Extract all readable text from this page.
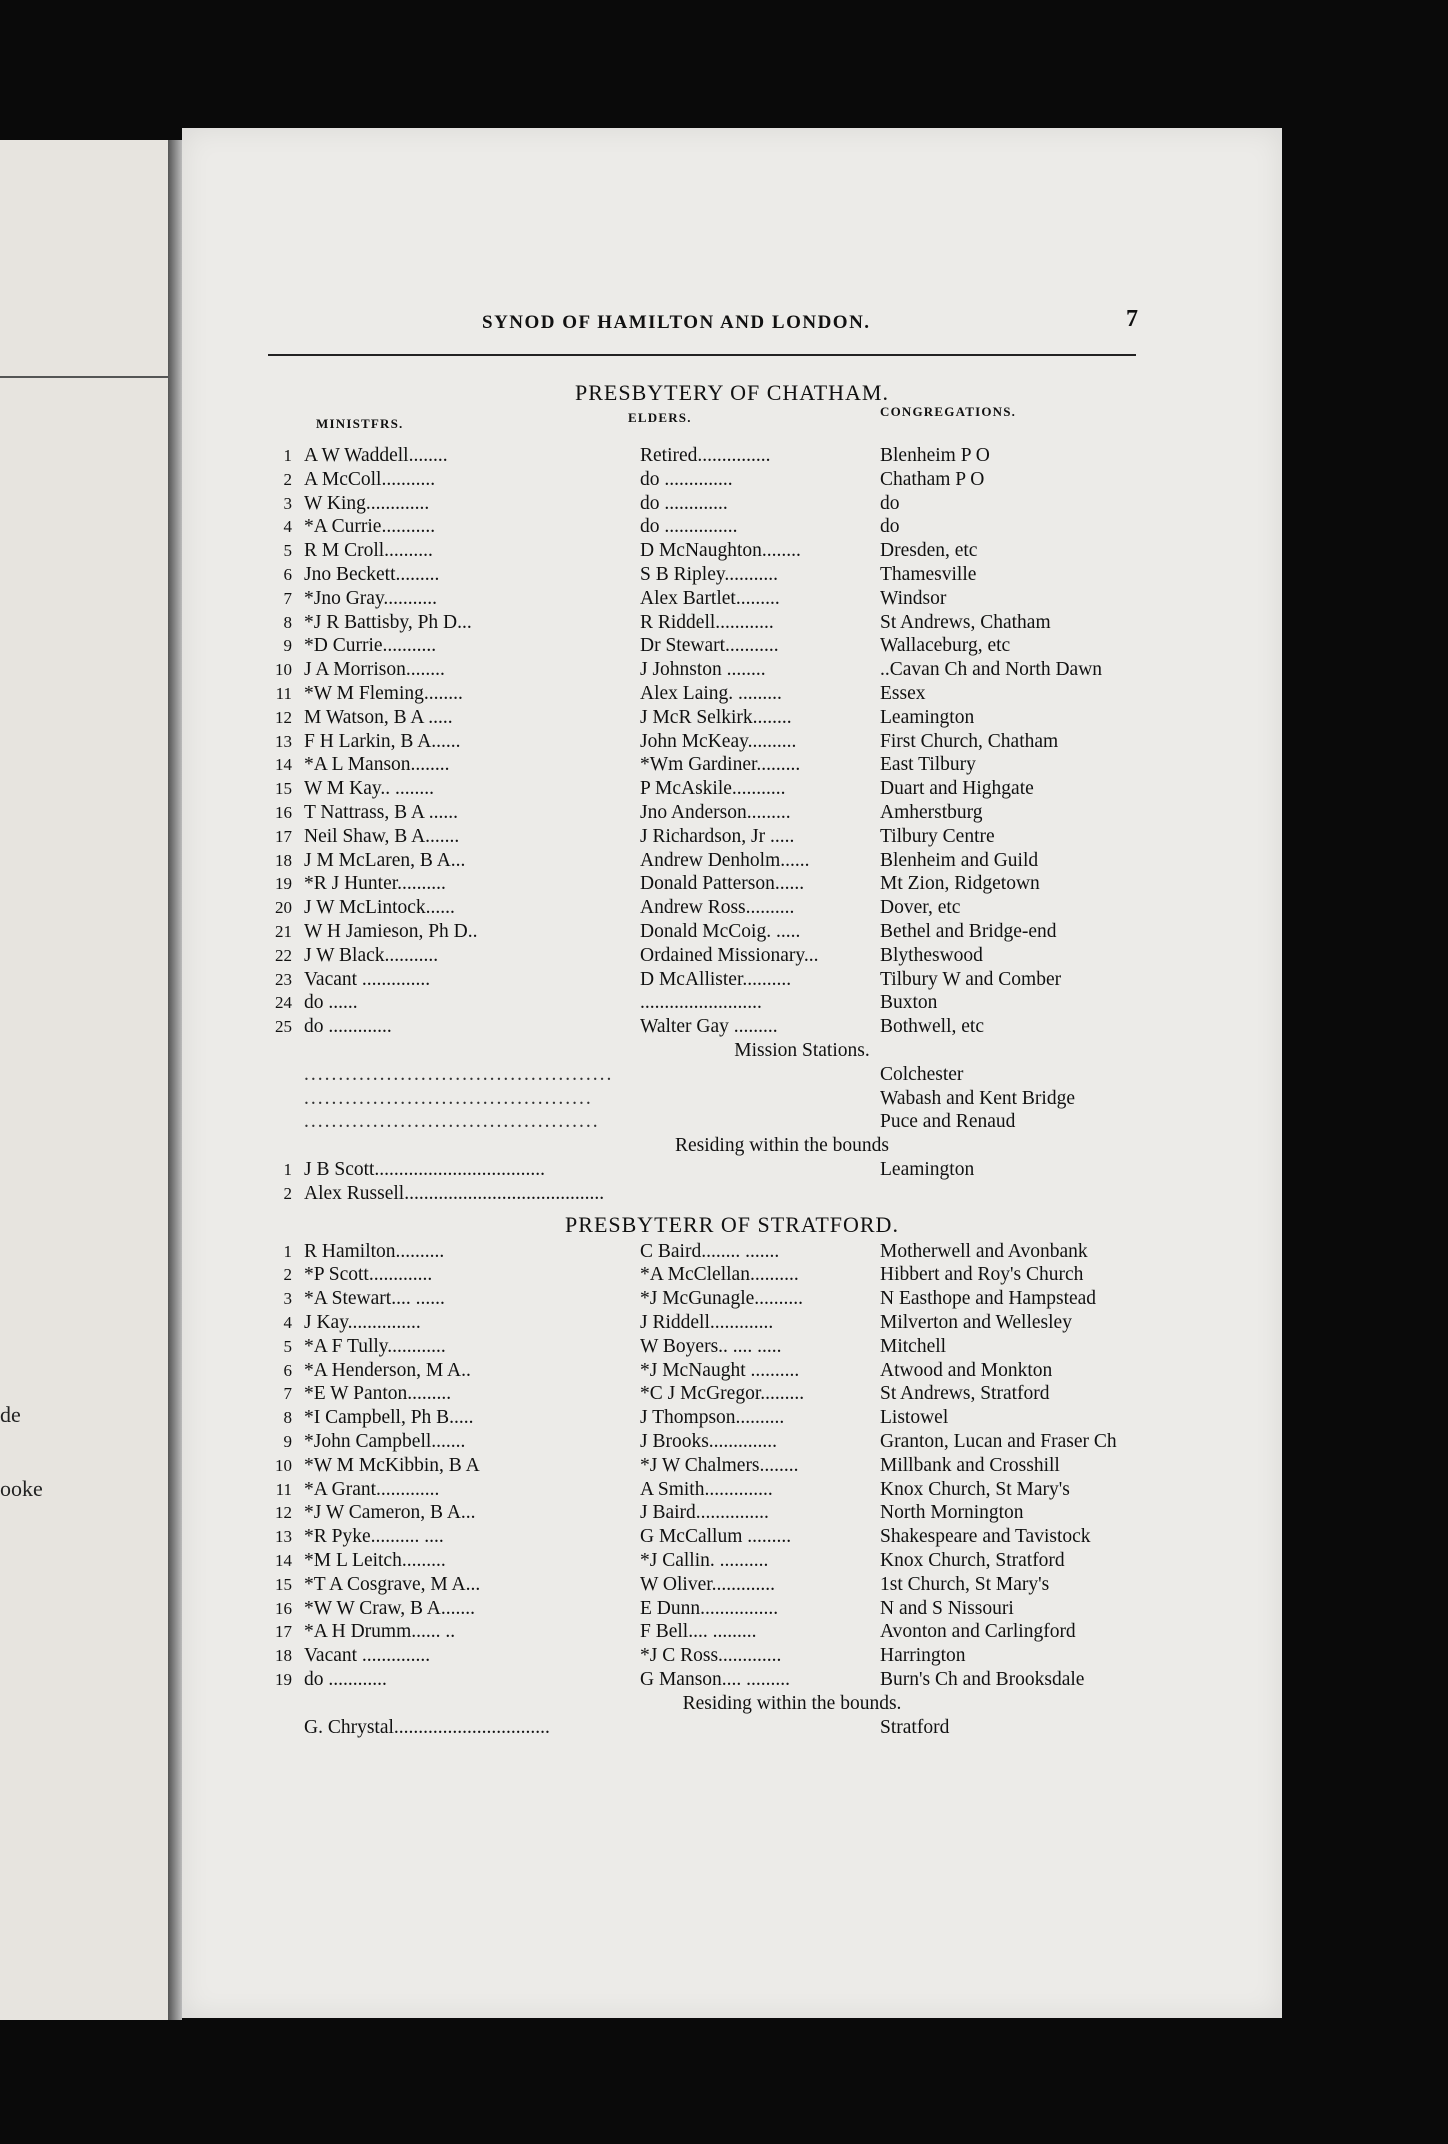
de
ooke
SYNOD OF HAMILTON AND LONDON.	7
PRESBYTERY OF CHATHAM.
MINISTFRS.	ELDERS.	CONGREGATIONS.
1 A W Waddell........	Retired...............	Blenheim P O
2 A McColl...........	do ..............	Chatham P O
3 W King.............	do .............	do
4 *A Currie...........	do ...............	do
5 R M Croll..........	D McNaughton........	Dresden, etc
6 Jno Beckett.........	S B Ripley...........	Thamesville
7 *Jno Gray...........	Alex Bartlet.........	Windsor
8 *J R Battisby, Ph D...	R Riddell............	St Andrews, Chatham
9 *D Currie...........	Dr Stewart...........	Wallaceburg, etc
10 J A Morrison........	J Johnston ........	..Cavan Ch and North Dawn
11 *W M Fleming........	Alex Laing. .........	Essex
12 M Watson, B A .....	J McR Selkirk........	Leamington
13 F H Larkin, B A......	John McKeay..........	First Church, Chatham
14 *A L Manson........	*Wm Gardiner.........	East Tilbury
15 W M Kay.. ........	P McAskile...........	Duart and Highgate
16 T Nattrass, B A ......	Jno Anderson.........	Amherstburg
17 Neil Shaw, B A.......	J Richardson, Jr .....	Tilbury Centre
18 J M McLaren, B A...	Andrew Denholm......	Blenheim and Guild
19 *R J Hunter..........	Donald Patterson......	Mt Zion, Ridgetown
20 J W McLintock......	Andrew Ross..........	Dover, etc
21 W H Jamieson, Ph D..	Donald McCoig. .....	Bethel and Bridge-end
22 J W Black...........	Ordained Missionary...	Blytheswood
23 Vacant ..............	D McAllister..........	Tilbury W and Comber
24 do ......	.........................	Buxton
25 do .............	Walter Gay .........	Bothwell, etc
Mission Stations.
.............................................	Colchester
..........................................	Wabash and Kent Bridge
...........................................	Puce and Renaud
Residing within the bounds
1 J B Scott...................................	Leamington
2 Alex Russell.........................................
PRESBYTERR OF STRATFORD.
1 R Hamilton..........	C Baird........ .......	Motherwell and Avonbank
2 *P Scott.............	*A McClellan..........	Hibbert and Roy's Church
3 *A Stewart.... ......	*J McGunagle..........	N Easthope and Hampstead
4 J Kay...............	J Riddell.............	Milverton and Wellesley
5 *A F Tully............	W Boyers.. .... .....	Mitchell
6 *A Henderson, M A..	*J McNaught ..........	Atwood and Monkton
7 *E W Panton.........	*C J McGregor.........	St Andrews, Stratford
8 *I Campbell, Ph B.....	J Thompson..........	Listowel
9 *John Campbell.......	J Brooks..............	Granton, Lucan and Fraser Ch
10 *W M McKibbin, B A	*J W Chalmers........	Millbank and Crosshill
11 *A Grant.............	A Smith..............	Knox Church, St Mary's
12 *J W Cameron, B A...	J Baird...............	North Mornington
13 *R Pyke.......... ....	G McCallum .........	Shakespeare and Tavistock
14 *M L Leitch.........	*J Callin. ..........	Knox Church, Stratford
15 *T A Cosgrave, M A...	W Oliver.............	1st Church, St Mary's
16 *W W Craw, B A.......	E Dunn................	N and S Nissouri
17 *A H Drumm...... ..	F Bell.... .........	Avonton and Carlingford
18 Vacant ..............	*J C Ross.............	Harrington
19 do ............	G Manson.... .........	Burn's Ch and Brooksdale
Residing within the bounds.
G. Chrystal................................	Stratford
